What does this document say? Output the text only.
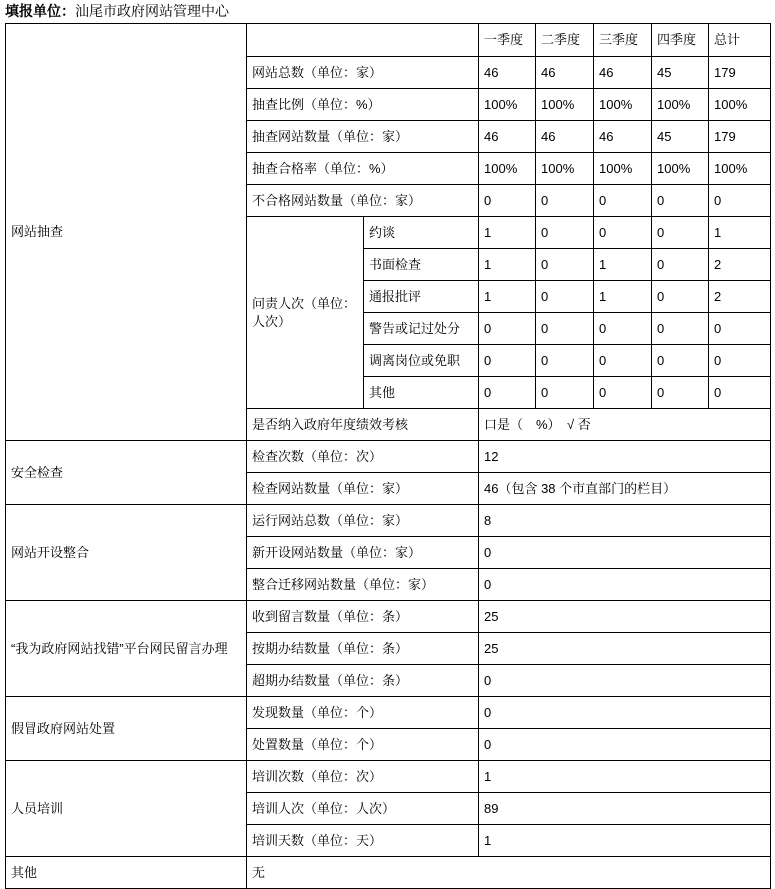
填报单位：汕尾市政府网站管理中心
网站抽查			一季度	二季度	三季度	四季度	总计
	网站总数（单位：家）		46	46	46	45	179
	抽查比例（单位：%）		100%	100%	100%	100%	100%
	抽查网站数量（单位：家）		46	46	46	45	179
	抽查合格率（单位：%）		100%	100%	100%	100%	100%
	不合格网站数量（单位：家）		0	0	0	0	0
	问责人次（单位：人次）	约谈	1	0	0	0	1
		书面检查	1	0	1	0	2
		通报批评	1	0	1	0	2
		警告或记过处分	0	0	0	0	0
		调离岗位或免职	0	0	0	0	0
		其他	0	0	0	0	0
	是否纳入政府年度绩效考核		口是（　%）　√ 否				
安全检查	检查次数（单位：次）		12				
	检查网站数量（单位：家）		46（包含 38 个市直部门的栏目）				
网站开设整合	运行网站总数（单位：家）		8				
	新开设网站数量（单位：家）		0				
	整合迁移网站数量（单位：家）		0				
“我为政府网站找错”平台网民留言办理	收到留言数量（单位：条）		25				
	按期办结数量（单位：条）		25				
	超期办结数量（单位：条）		0				
假冒政府网站处置	发现数量（单位：个）		0				
	处置数量（单位：个）		0				
人员培训	培训次数（单位：次）		1				
	培训人次（单位：人次）		89				
	培训天数（单位：天）		1				
其他	无						
